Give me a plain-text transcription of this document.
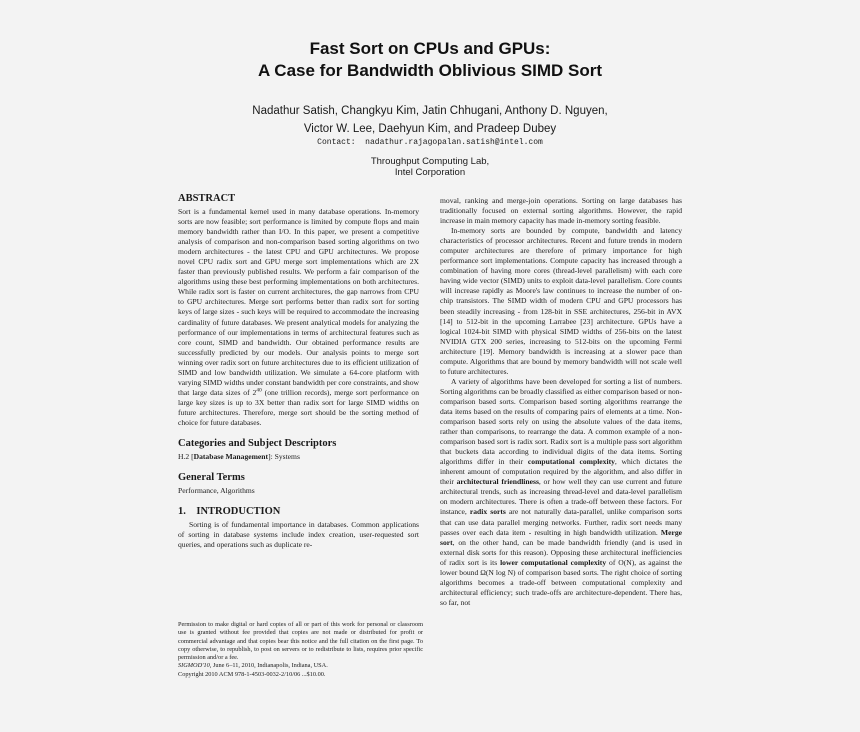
Fast Sort on CPUs and GPUs:
A Case for Bandwidth Oblivious SIMD Sort
Nadathur Satish, Changkyu Kim, Jatin Chhugani, Anthony D. Nguyen,
Victor W. Lee, Daehyun Kim, and Pradeep Dubey
Contact:  nadathur.rajagopalan.satish@intel.com
Throughput Computing Lab,
Intel Corporation
ABSTRACT

Sort is a fundamental kernel used in many database operations. In-memory sorts are now feasible; sort performance is limited by compute flops and main memory bandwidth rather than I/O. In this paper, we present a competitive analysis of comparison and non-comparison based sorting algorithms on two modern architectures - the latest CPU and GPU architectures. We propose novel CPU radix sort and GPU merge sort implementations which are 2X faster than previously published results. We perform a fair comparison of the algorithms using these best performing implementations on both architectures. While radix sort is faster on current architectures, the gap narrows from CPU to GPU architectures. Merge sort performs better than radix sort for sorting keys of large sizes - such keys will be required to accommodate the increasing cardinality of future databases. We present analytical models for analyzing the performance of our implementations in terms of architectural features such as core count, SIMD and bandwidth. Our obtained performance results are successfully predicted by our models. Our analysis points to merge sort winning over radix sort on future architectures due to its efficient utilization of SIMD and low bandwidth utilization. We simulate a 64-core platform with varying SIMD widths under constant bandwidth per core constraints, and show that large data sizes of $2^{40}$ (one trillion records), merge sort performance on large key sizes is up to 3X better than radix sort for large SIMD widths on future architectures. Therefore, merge sort should be the sorting method of choice for future databases.

Categories and Subject Descriptors

H.2 [Database Management]: Systems

General Terms

Performance, Algorithms

1.    INTRODUCTION

Sorting is of fundamental importance in databases. Common applications of sorting in database systems include index creation, user-requested sort queries, and operations such as duplicate re-

Permission to make digital or hard copies of all or part of this work for personal or classroom use is granted without fee provided that copies are not made or distributed for profit or commercial advantage and that copies bear this notice and the full citation on the first page. To copy otherwise, to republish, to post on servers or to redistribute to lists, requires prior specific permission and/or a fee.
SIGMOD'10, June 6–11, 2010, Indianapolis, Indiana, USA.
Copyright 2010 ACM 978-1-4503-0032-2/10/06 ...$10.00.

moval, ranking and merge-join operations. Sorting on large databases has traditionally focused on external sorting algorithms. However, the rapid increase in main memory capacity has made in-memory sorting feasible.

In-memory sorts are bounded by compute, bandwidth and latency characteristics of processor architectures. Recent and future trends in modern computer architectures are therefore of primary importance for high performance sort implementations. Compute capacity has increased through a combination of having more cores (thread-level parallelism) with each core having wide vector (SIMD) units to exploit data-level parallelism. Core counts will increase rapidly as Moore's law continues to increase the number of on-chip transistors. The SIMD width of modern CPU and GPU processors has been steadily increasing - from 128-bit in SSE architectures, 256-bit in AVX [14] to 512-bit in the upcoming Larrabee [23] architecture. GPUs have a logical 1024-bit SIMD with physical SIMD widths of 256-bits on the latest NVIDIA GTX 200 series, increasing to 512-bits on the upcoming Fermi architecture [19]. Memory bandwidth is increasing at a slower pace than compute. Algorithms that are bound by memory bandwidth will not scale well to future architectures.

A variety of algorithms have been developed for sorting a list of numbers. Sorting algorithms can be broadly classified as either comparison based or non-comparison based sorts. Comparison based sorting algorithms rearrange the data items based on the results of comparing pairs of elements at a time. Non-comparison based sorts rely on using the absolute values of the data items, rather than comparisons, to rearrange the data. A common example of a non-comparison based sort is radix sort. Radix sort is a multiple pass sort algorithm that buckets data according to individual digits of the data items. Sorting algorithms differ in their computational complexity, which dictates the inherent amount of computation required by the algorithm, and also differ in their architectural friendliness, or how well they can use current and future architectural trends, such as increasing thread-level and data-level parallelism on modern architectures. There is often a trade-off between these factors. For instance, radix sorts are not naturally data-parallel, unlike comparison sorts that can use data parallel merging networks. Further, radix sort needs many passes over each data item - resulting in high bandwidth utilization. Merge sort, on the other hand, can be made bandwidth friendly (and is used in external disk sorts for this reason). Opposing these architectural inefficiencies of radix sort is its lower computational complexity of O(N), as against the lower bound Ω(N log N) of comparison based sorts. The right choice of sorting algorithms becomes a trade-off between computational complexity and architectural efficiency; such trade-offs are architecture-dependent. There has, so far, not
